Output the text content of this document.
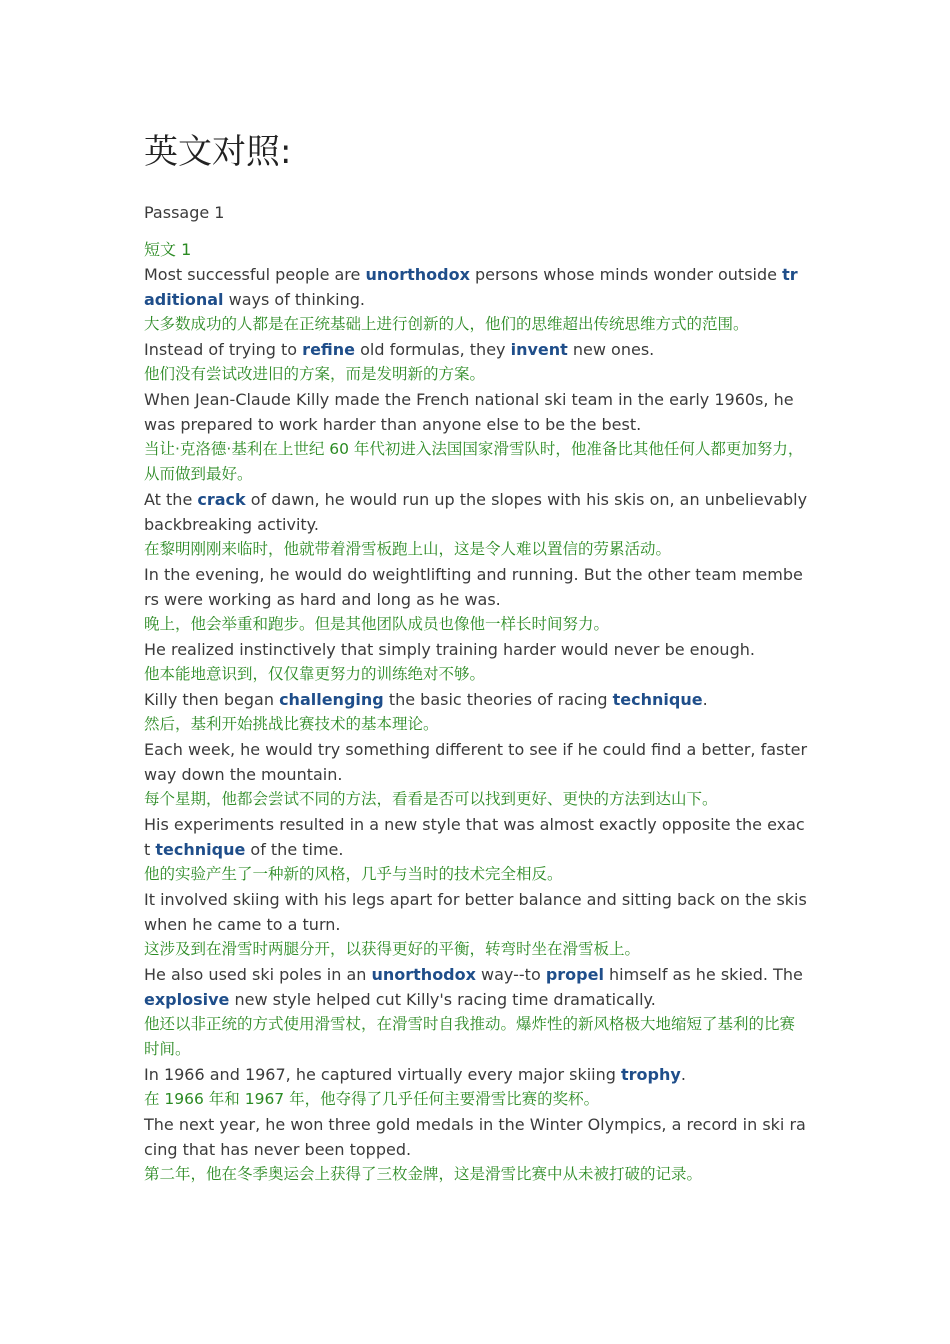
英文对照:

Passage 1

短文 1

Most successful people are unorthodox persons whose minds wonder outside traditional ways of thinking.

大多数成功的人都是在正统基础上进行创新的人，他们的思维超出传统思维方式的范围。

Instead of trying to refine old formulas, they invent new ones.

他们没有尝试改进旧的方案，而是发明新的方案。

When Jean-Claude Killy made the French national ski team in the early 1960s, he was prepared to work harder than anyone else to be the best.

当让·克洛德·基利在上世纪 60 年代初进入法国国家滑雪队时，他准备比其他任何人都更加努力，从而做到最好。

At the crack of dawn, he would run up the slopes with his skis on, an unbelievably backbreaking activity.

在黎明刚刚来临时，他就带着滑雪板跑上山，这是令人难以置信的劳累活动。

In the evening, he would do weightlifting and running. But the other team members were working as hard and long as he was.

晚上，他会举重和跑步。但是其他团队成员也像他一样长时间努力。

He realized instinctively that simply training harder would never be enough.

他本能地意识到，仅仅靠更努力的训练绝对不够。

Killy then began challenging the basic theories of racing technique.

然后，基利开始挑战比赛技术的基本理论。

Each week, he would try something different to see if he could find a better, faster way down the mountain.

每个星期，他都会尝试不同的方法，看看是否可以找到更好、更快的方法到达山下。

His experiments resulted in a new style that was almost exactly opposite the exact technique of the time.

他的实验产生了一种新的风格，几乎与当时的技术完全相反。

It involved skiing with his legs apart for better balance and sitting back on the skis when he came to a turn.

这涉及到在滑雪时两腿分开，以获得更好的平衡，转弯时坐在滑雪板上。

He also used ski poles in an unorthodox way--to propel himself as he skied. The explosive new style helped cut Killy's racing time dramatically.

他还以非正统的方式使用滑雪杖，在滑雪时自我推动。爆炸性的新风格极大地缩短了基利的比赛时间。

In 1966 and 1967, he captured virtually every major skiing trophy.

在 1966 年和 1967 年，他夺得了几乎任何主要滑雪比赛的奖杯。

The next year, he won three gold medals in the Winter Olympics, a record in ski racing that has never been topped.

第二年，他在冬季奥运会上获得了三枚金牌，这是滑雪比赛中从未被打破的记录。
